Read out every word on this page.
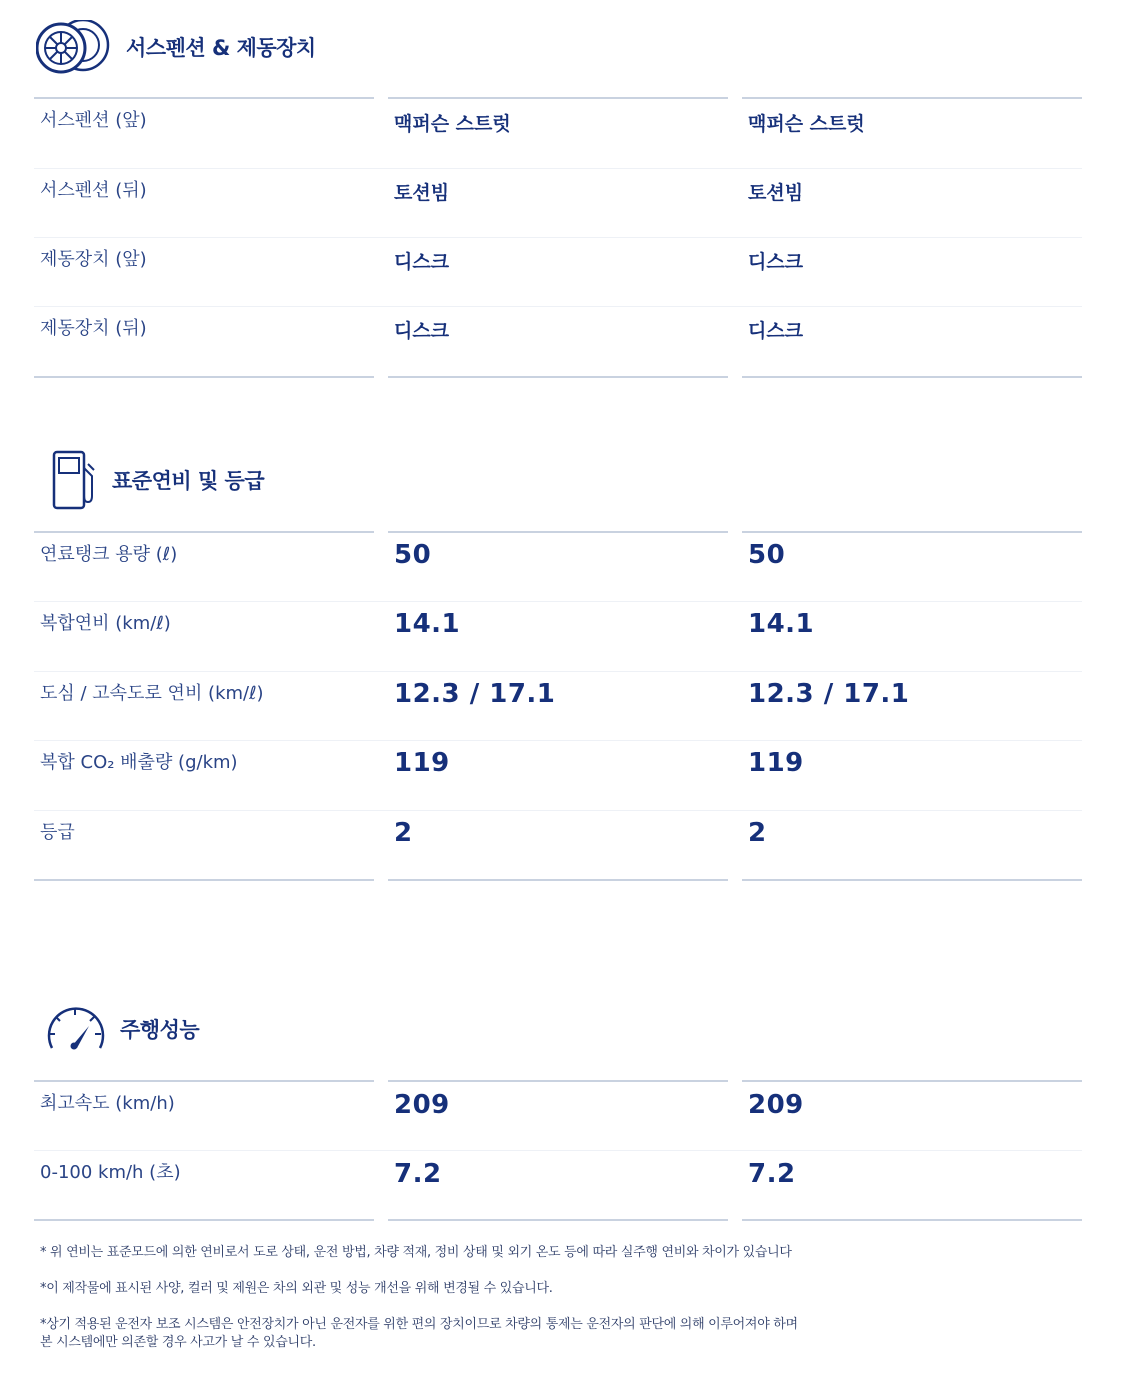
서스펜션 & 제동장치
서스펜션 (앞)	맥퍼슨 스트럿	맥퍼슨 스트럿
서스펜션 (뒤)	토션빔	토션빔
제동장치 (앞)	디스크	디스크
제동장치 (뒤)	디스크	디스크
표준연비 및 등급
연료탱크 용량 (ℓ)	50	50
복합연비 (km/ℓ)	14.1	14.1
도심 / 고속도로 연비 (km/ℓ)	12.3 / 17.1	12.3 / 17.1
복합 CO₂ 배출량 (g/km)	119	119
등급	2	2
주행성능
최고속도 (km/h)	209	209
0-100 km/h (초)	7.2	7.2
* 위 연비는 표준모드에 의한 연비로서 도로 상태, 운전 방법, 차량 적재, 정비 상태 및 외기 온도 등에 따라 실주행 연비와 차이가 있습니다
*이 제작물에 표시된 사양, 컬러 및 제원은 차의 외관 및 성능 개선을 위해 변경될 수 있습니다.
*상기 적용된 운전자 보조 시스템은 안전장치가 아닌 운전자를 위한 편의 장치이므로 차량의 통제는 운전자의 판단에 의해 이루어져야 하며
본 시스템에만 의존할 경우 사고가 날 수 있습니다.
